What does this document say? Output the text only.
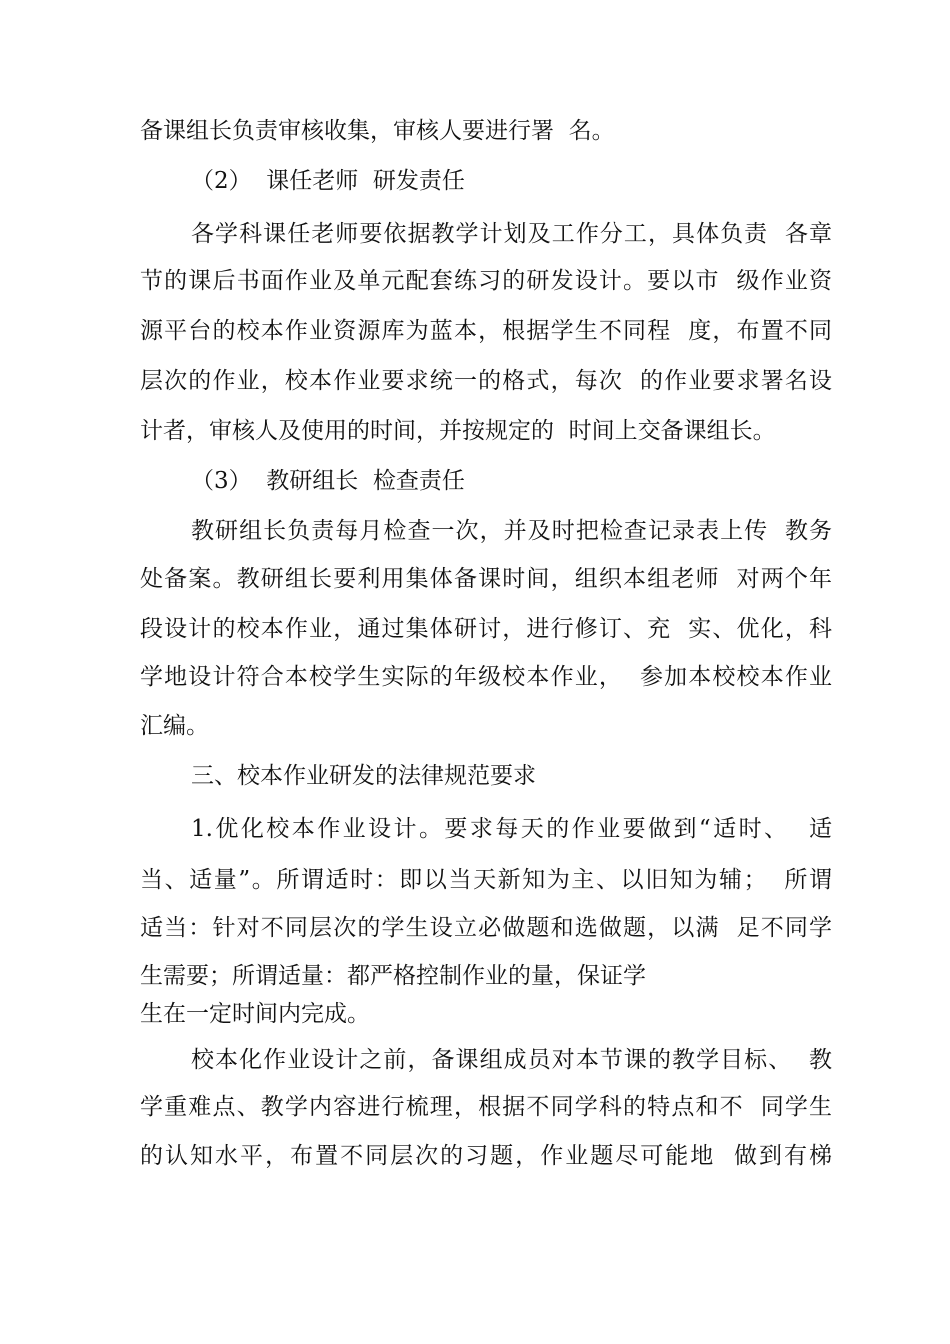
备课组长负责审核收集，审核人要进行署  名。
（2）  课任老师  研发责任
各学科课任老师要依据教学计划及工作分工，具体负责  各章
节的课后书面作业及单元配套练习的研发设计。要以市  级作业资
源平台的校本作业资源库为蓝本，根据学生不同程  度，布置不同
层次的作业，校本作业要求统一的格式，每次  的作业要求署名设
计者，审核人及使用的时间，并按规定的  时间上交备课组长。
（3）  教研组长  检查责任
教研组长负责每月检查一次，并及时把检查记录表上传  教务
处备案。教研组长要利用集体备课时间，组织本组老师  对两个年
段设计的校本作业，通过集体研讨，进行修订、充  实、优化，科
学地设计符合本校学生实际的年级校本作业，  参加本校校本作业
汇编。
三、校本作业研发的法律规范要求
1.优化校本作业设计。要求每天的作业要做到“适时、  适
当、适量”。所谓适时：即以当天新知为主、以旧知为辅；  所谓
适当：针对不同层次的学生设立必做题和选做题，以满  足不同学
生需要；所谓适量：都严格控制作业的量，保证学
生在一定时间内完成。
校本化作业设计之前，备课组成员对本节课的教学目标、  教
学重难点、教学内容进行梳理，根据不同学科的特点和不  同学生
的认知水平，布置不同层次的习题，作业题尽可能地  做到有梯
